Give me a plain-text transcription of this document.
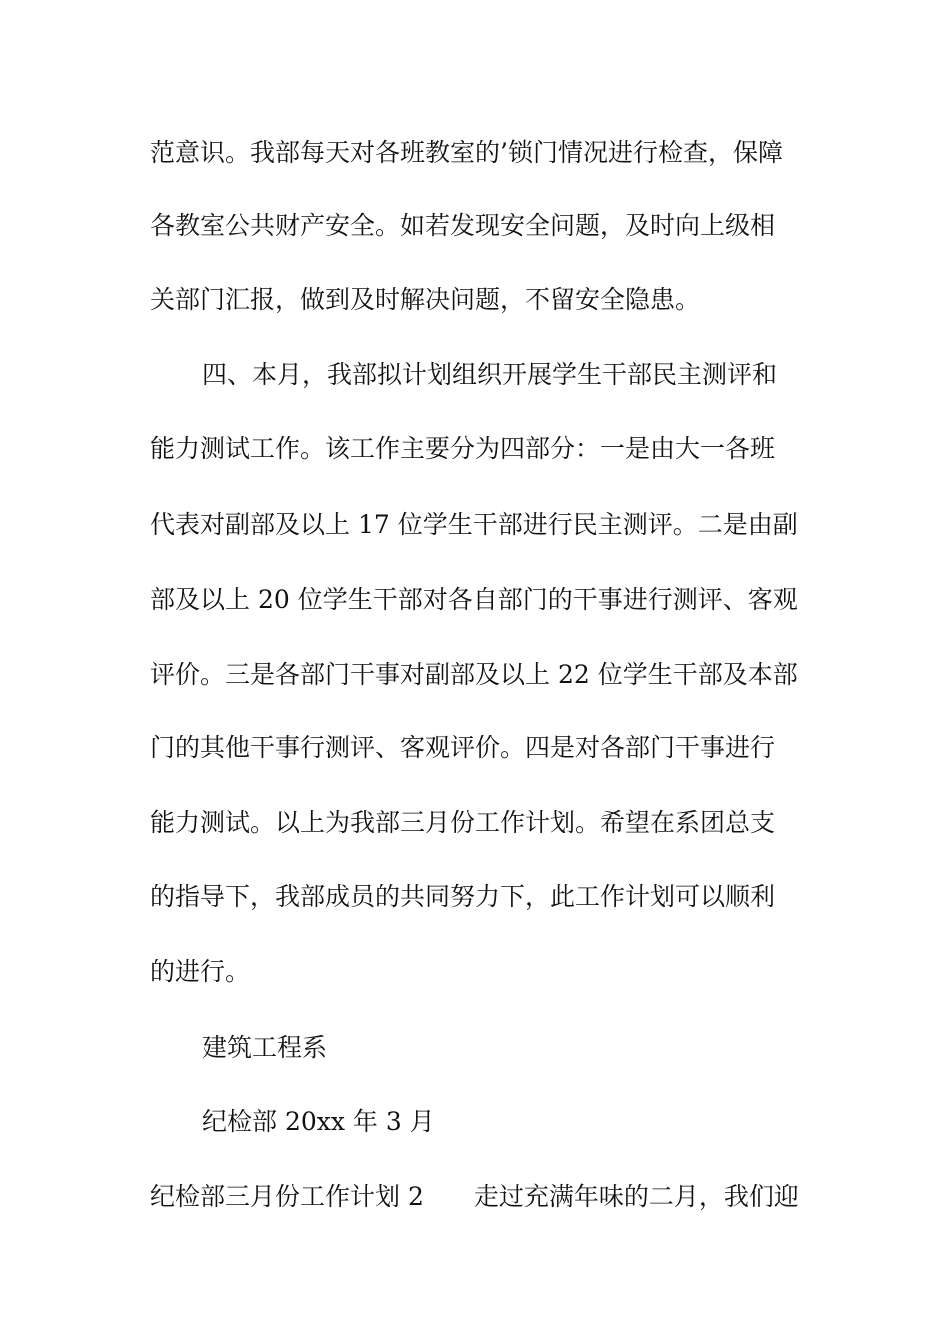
范意识。我部每天对各班教室的’锁门情况进行检查，保障
各教室公共财产安全。如若发现安全问题，及时向上级相
关部门汇报，做到及时解决问题，不留安全隐患。
四、本月，我部拟计划组织开展学生干部民主测评和
能力测试工作。该工作主要分为四部分：一是由大一各班
代表对副部及以上 17 位学生干部进行民主测评。二是由副
部及以上 20 位学生干部对各自部门的干事进行测评、客观
评价。三是各部门干事对副部及以上 22 位学生干部及本部
门的其他干事行测评、客观评价。四是对各部门干事进行
能力测试。以上为我部三月份工作计划。希望在系团总支
的指导下，我部成员的共同努力下，此工作计划可以顺利
的进行。
建筑工程系
纪检部 20xx 年 3 月
纪检部三月份工作计划 2　　走过充满年味的二月，我们迎
